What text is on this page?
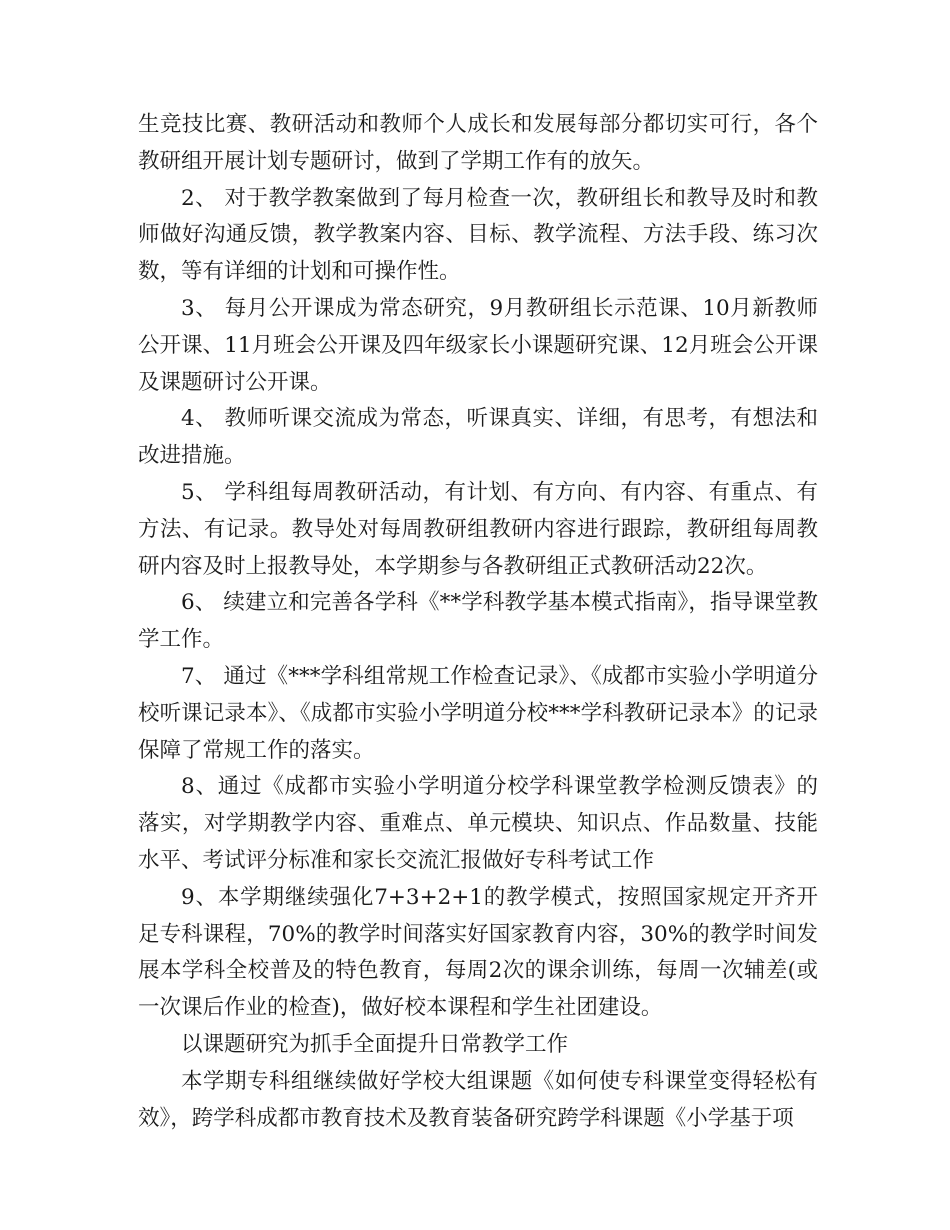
生竞技比赛、教研活动和教师个人成长和发展每部分都切实可行，各个教研组开展计划专题研讨，做到了学期工作有的放矢。

2、 对于教学教案做到了每月检查一次，教研组长和教导及时和教师做好沟通反馈，教学教案内容、目标、教学流程、方法手段、练习次数，等有详细的计划和可操作性。

3、 每月公开课成为常态研究，9月教研组长示范课、10月新教师公开课、11月班会公开课及四年级家长小课题研究课、12月班会公开课及课题研讨公开课。

4、 教师听课交流成为常态，听课真实、详细，有思考，有想法和改进措施。

5、 学科组每周教研活动，有计划、有方向、有内容、有重点、有方法、有记录。教导处对每周教研组教研内容进行跟踪，教研组每周教研内容及时上报教导处，本学期参与各教研组正式教研活动22次。

6、 续建立和完善各学科《**学科教学基本模式指南》，指导课堂教学工作。

7、 通过《***学科组常规工作检查记录》、《成都市实验小学明道分校听课记录本》、《成都市实验小学明道分校***学科教研记录本》的记录保障了常规工作的落实。

8、通过《成都市实验小学明道分校学科课堂教学检测反馈表》的落实，对学期教学内容、重难点、单元模块、知识点、作品数量、技能水平、考试评分标准和家长交流汇报做好专科考试工作

9、本学期继续强化7+3+2+1的教学模式，按照国家规定开齐开足专科课程，70%的教学时间落实好国家教育内容，30%的教学时间发展本学科全校普及的特色教育，每周2次的课余训练，每周一次辅差(或一次课后作业的检查)，做好校本课程和学生社团建设。

以课题研究为抓手全面提升日常教学工作

本学期专科组继续做好学校大组课题《如何使专科课堂变得轻松有效》，跨学科成都市教育技术及教育装备研究跨学科课题《小学基于项
